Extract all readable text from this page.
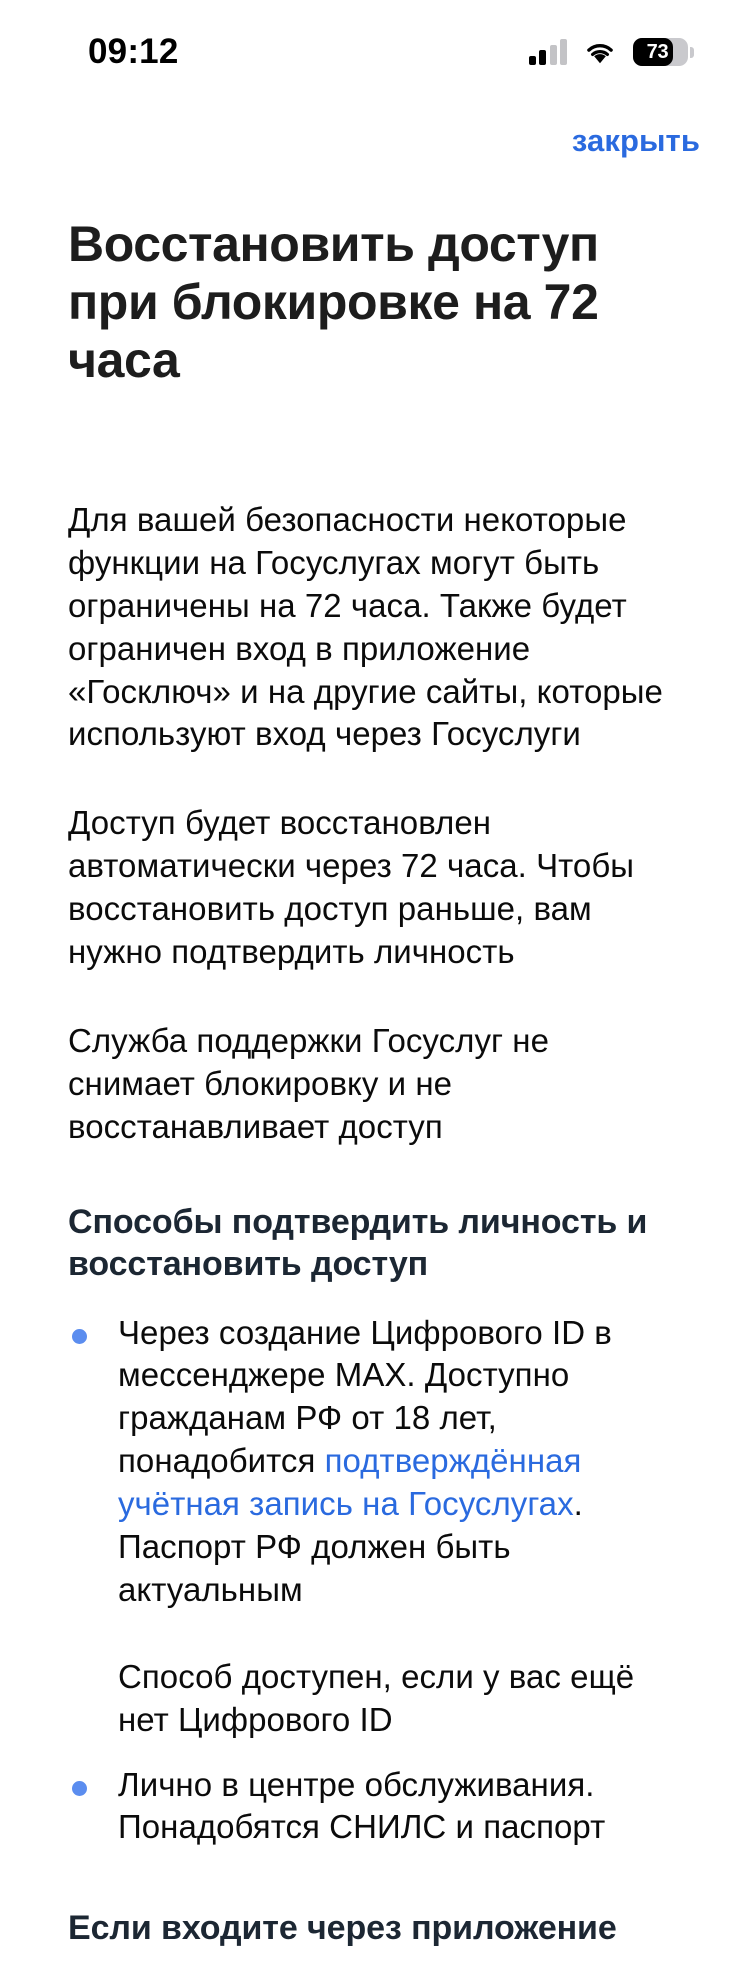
09:12	73
закрыть
Восстановить доступ при блокировке на 72 часа

Для вашей безопасности некоторые функции на Госуслугах могут быть ограничены на 72 часа. Также будет ограничен вход в приложение «Госключ» и на другие сайты, которые используют вход через Госуслуги

Доступ будет восстановлен автоматически через 72 часа. Чтобы восстановить доступ раньше, вам нужно подтвердить личность

Служба поддержки Госуслуг не снимает блокировку и не восстанавливает доступ

Способы подтвердить личность и восстановить доступ
Через создание Цифрового ID в мессенджере MAX. Доступно гражданам РФ от 18 лет, понадобится подтверждённая учётная запись на Госуслугах. Паспорт РФ должен быть актуальным
Способ доступен, если у вас ещё нет Цифрового ID
Лично в центре обслуживания. Понадобятся СНИЛС и паспорт
Если входите через приложение
